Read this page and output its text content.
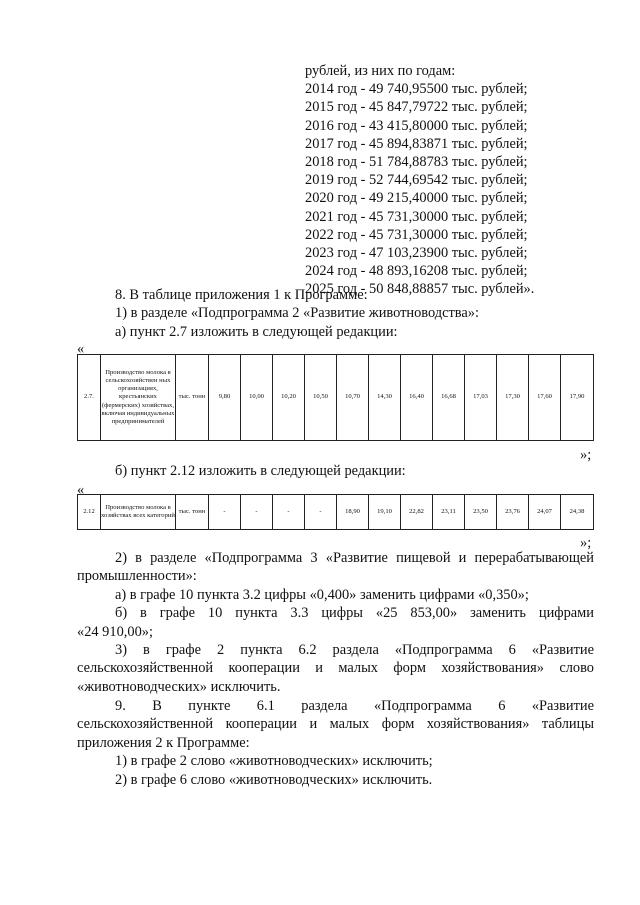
рублей, из них по годам:
2014 год - 49 740,95500 тыс. рублей;
2015 год - 45 847,79722 тыс. рублей;
2016 год - 43 415,80000 тыс. рублей;
2017 год - 45 894,83871 тыс. рублей;
2018 год - 51 784,88783 тыс. рублей;
2019 год - 52 744,69542 тыс. рублей;
2020 год - 49 215,40000 тыс. рублей;
2021 год - 45 731,30000 тыс. рублей;
2022 год - 45 731,30000 тыс. рублей;
2023 год - 47 103,23900 тыс. рублей;
2024 год - 48 893,16208 тыс. рублей;
2025 год - 50 848,88857 тыс. рублей».
8. В таблице приложения 1 к Программе:
1) в разделе «Подпрограмма 2 «Развитие животноводства»:
а) пункт 2.7 изложить в следующей редакции:
«
2.7.	Производство молока в сельскохозяйствен ных организациях, крестьянских (фермерских) хозяйствах, включая индивидуальных предпринимателей	тыс. тонн	9,80	10,00	10,20	10,50	10,70	14,30	16,40	16,68	17,03	17,30	17,60	17,90
»;
б) пункт 2.12 изложить в следующей редакции:
«
2.12	Производство молока в хозяйствах всех категорий	тыс. тонн	-	-	-	-	18,90	19,10	22,82	23,11	23,50	23,76	24,07	24,38
»;
2) в разделе «Подпрограмма 3 «Развитие пищевой и перерабатывающей
промышленности»:
а) в графе 10 пункта 3.2 цифры «0,400» заменить цифрами «0,350»;
б) в графе 10 пункта 3.3 цифры «25 853,00» заменить цифрами
«24 910,00»;
3) в графе 2 пункта 6.2 раздела «Подпрограмма 6 «Развитие
сельскохозяйственной кооперации и малых форм хозяйствования» слово
«животноводческих» исключить.
9. В пункте 6.1 раздела «Подпрограмма 6 «Развитие
сельскохозяйственной кооперации и малых форм хозяйствования» таблицы
приложения 2 к Программе:
1) в графе 2 слово «животноводческих» исключить;
2) в графе 6 слово «животноводческих» исключить.
